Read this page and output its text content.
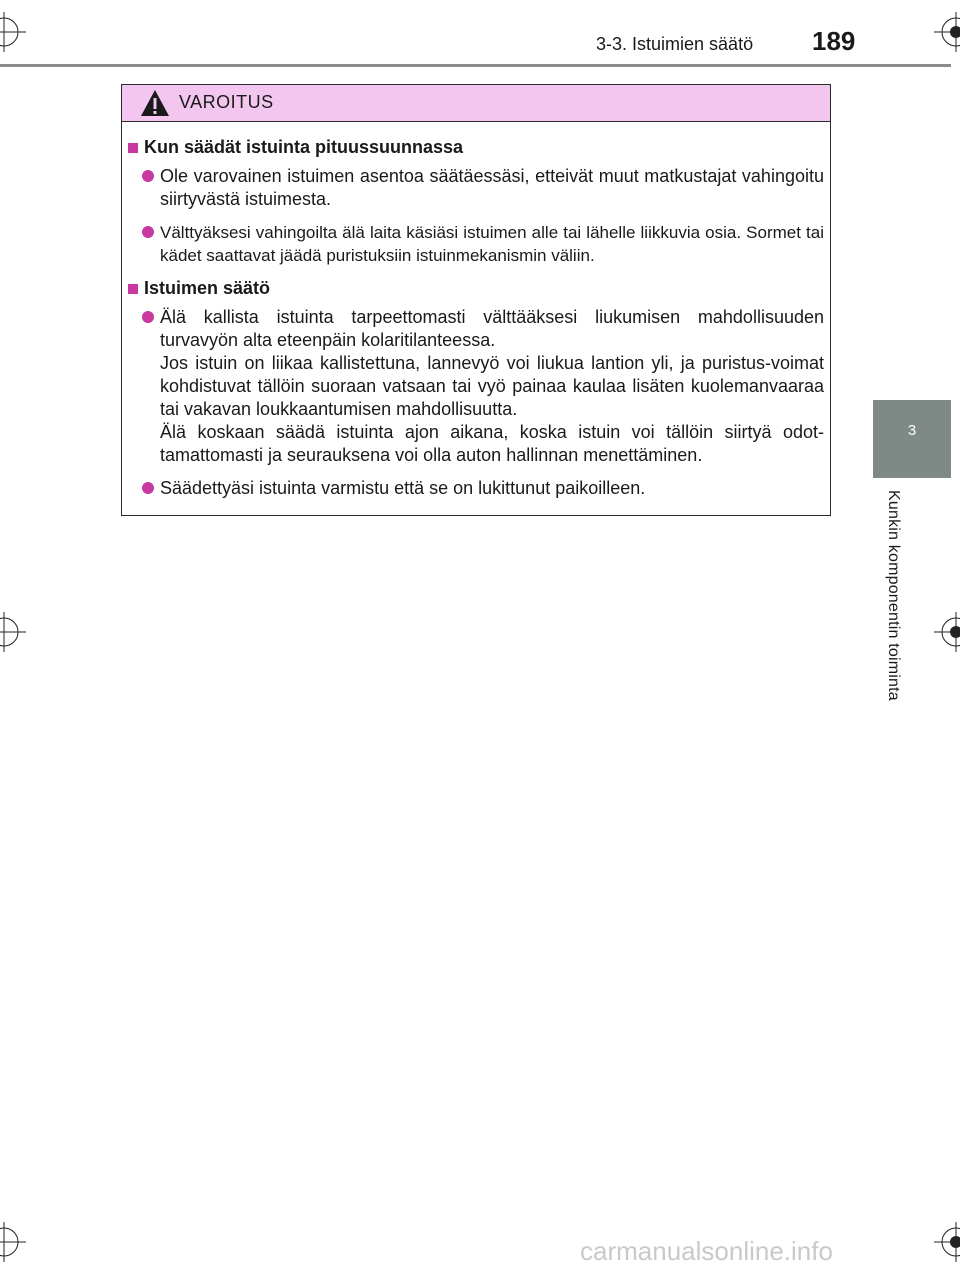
3-3. Istuimien säätö 189
3
Kunkin komponentin toiminta
VAROITUS
Kun säädät istuinta pituussuunnassa

Ole varovainen istuimen asentoa säätäessäsi, etteivät muut matkustajat vahingoitu siirtyvästä istuimesta.

Välttyäksesi vahingoilta älä laita käsiäsi istuimen alle tai lähelle liikkuvia osia. Sormet tai kädet saattavat jäädä puristuksiin istuinmekanismin väliin.

Istuimen säätö

Älä kallista istuinta tarpeettomasti välttääksesi liukumisen mahdollisuuden turvavyön alta eteenpäin kolaritilanteessa.

Jos istuin on liikaa kallistettuna, lannevyö voi liukua lantion yli, ja puristus-voimat kohdistuvat tällöin suoraan vatsaan tai vyö painaa kaulaa lisäten kuolemanvaaraa tai vakavan loukkaantumisen mahdollisuutta.

Älä koskaan säädä istuinta ajon aikana, koska istuin voi tällöin siirtyä odot-tamattomasti ja seurauksena voi olla auton hallinnan menettäminen.

Säädettyäsi istuinta varmistu että se on lukittunut paikoilleen.

carmanualsonline.info
